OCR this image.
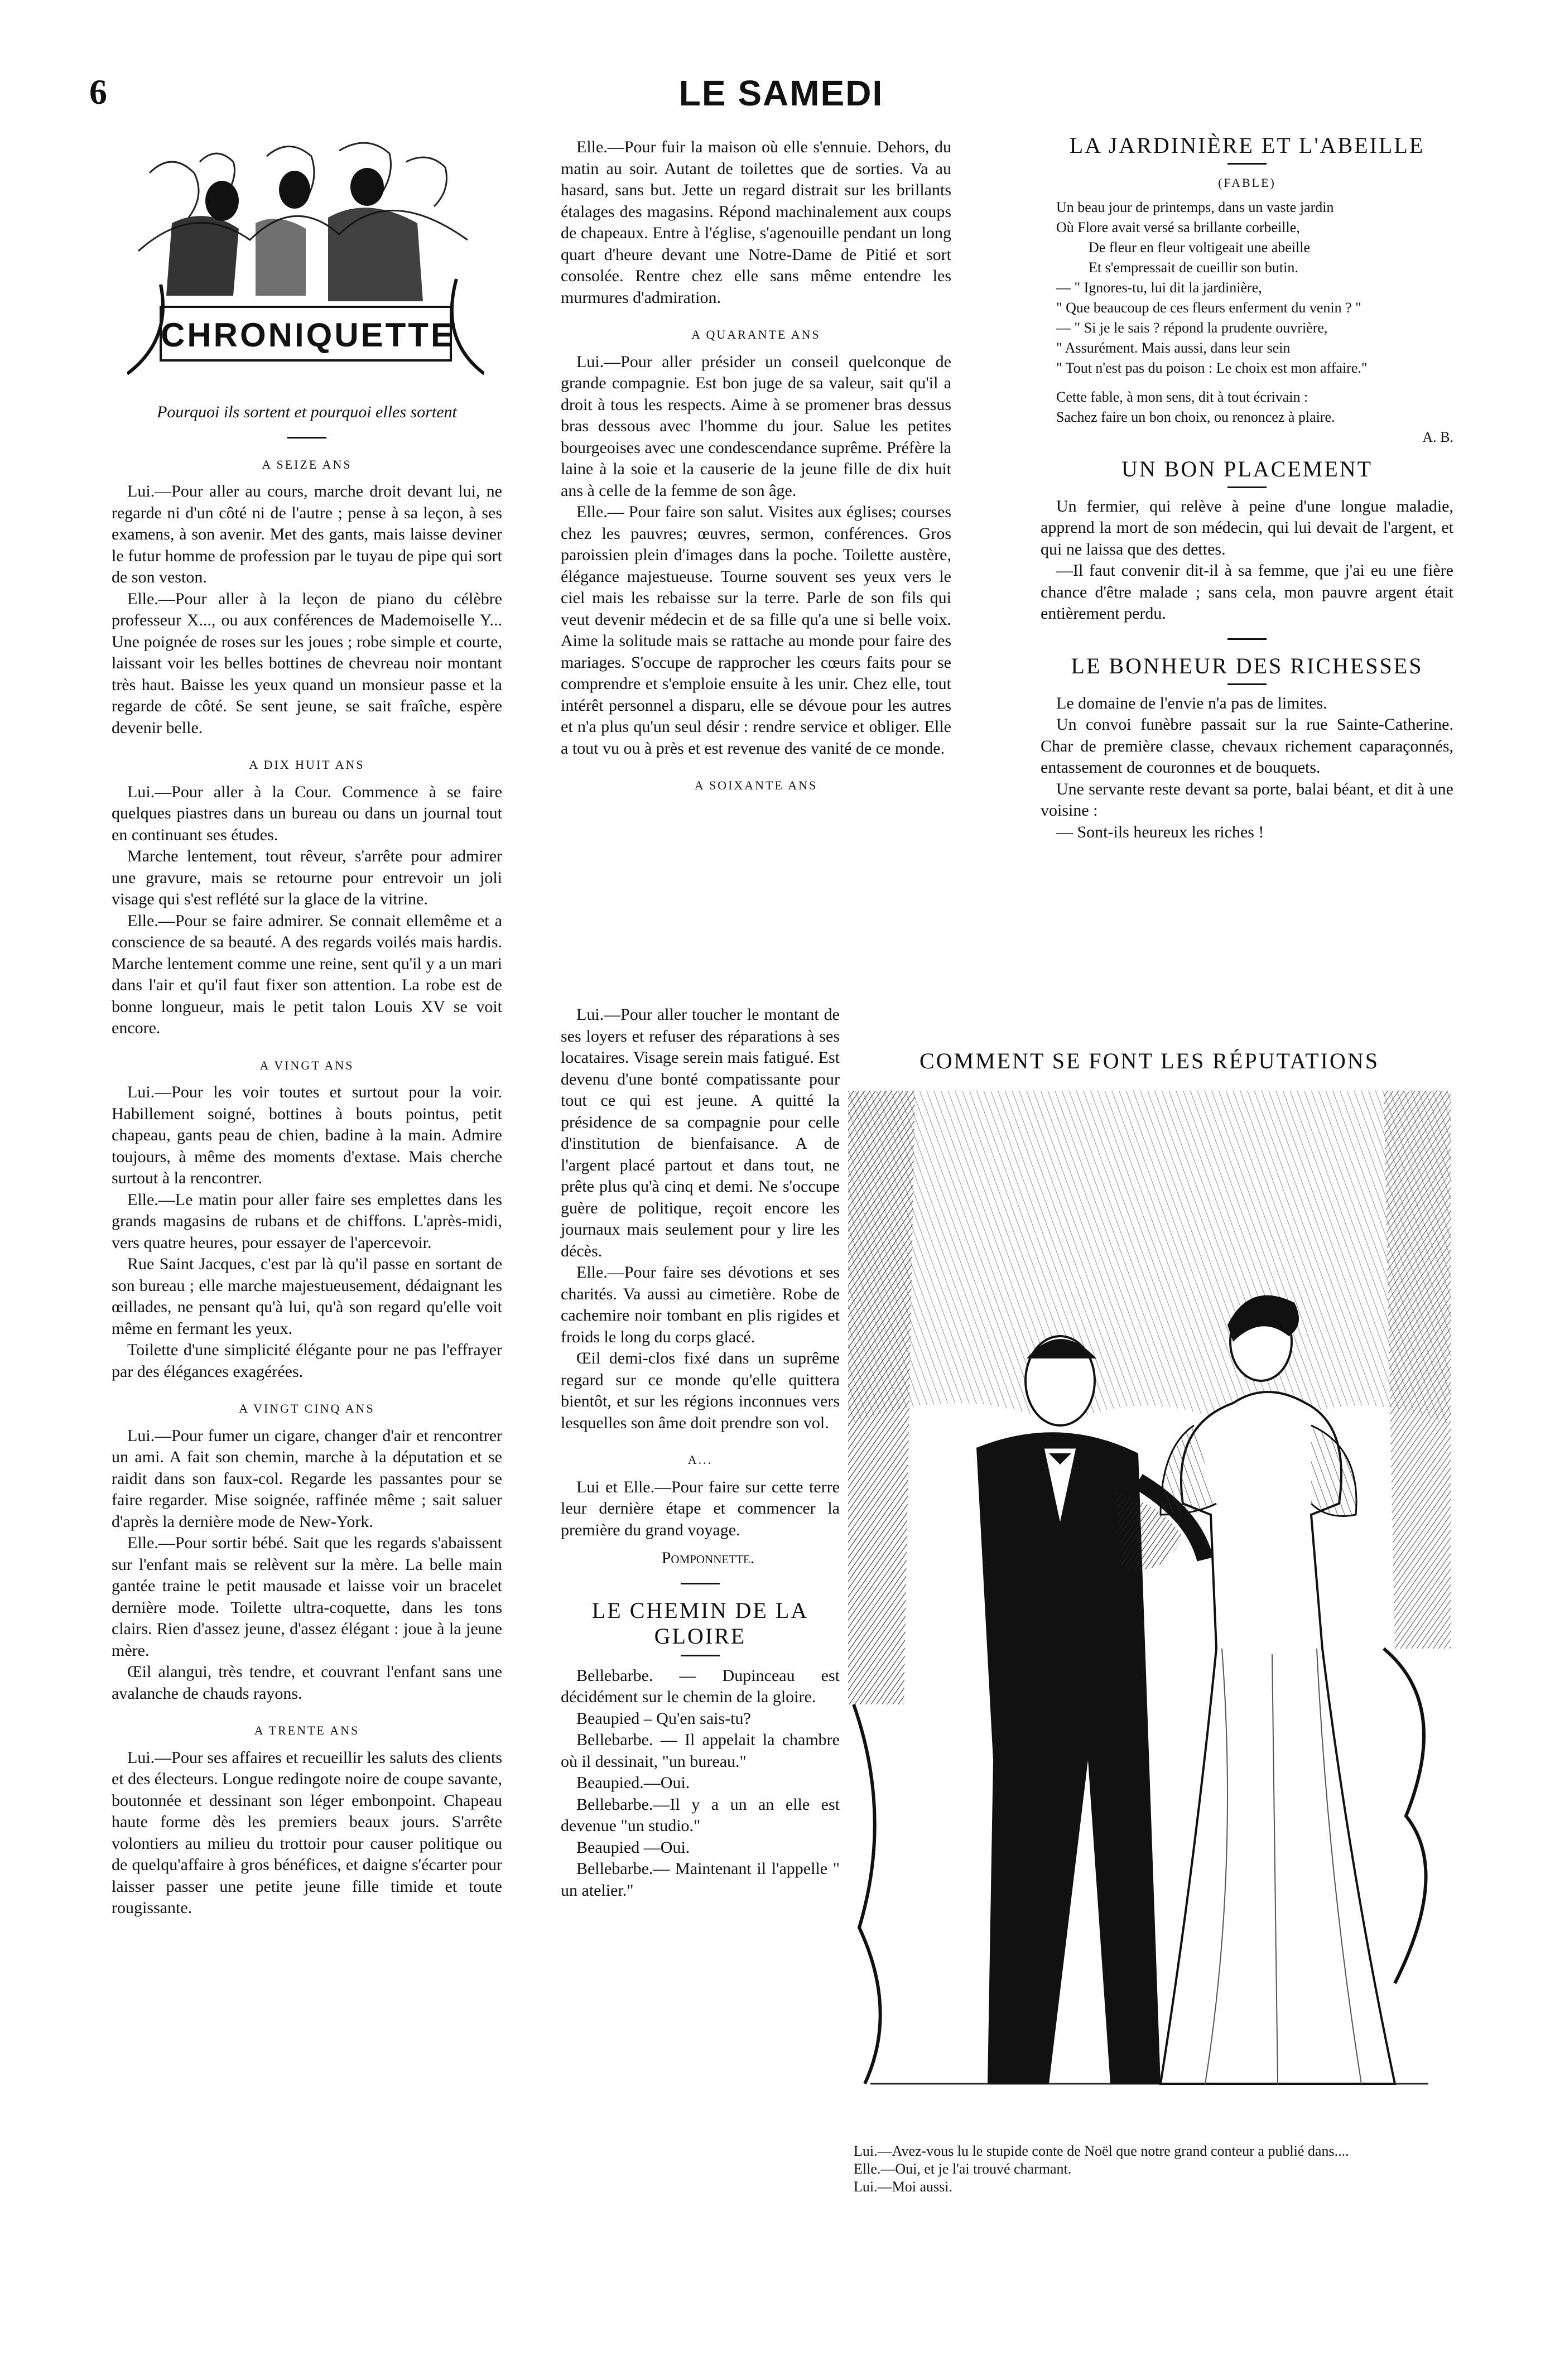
6	LE SAMEDI
CHRONIQUETTE
Pourquoi ils sortent et pourquoi elles sortent
A SEIZE ANS

Lui.—Pour aller au cours, marche droit devant lui, ne regarde ni d'un côté ni de l'autre ; pense à sa leçon, à ses examens, à son avenir. Met des gants, mais laisse deviner le futur homme de profession par le tuyau de pipe qui sort de son veston.

Elle.—Pour aller à la leçon de piano du célèbre professeur X..., ou aux conférences de Mademoiselle Y... Une poignée de roses sur les joues ; robe simple et courte, laissant voir les belles bottines de chevreau noir montant très haut. Baisse les yeux quand un monsieur passe et la regarde de côté. Se sent jeune, se sait fraîche, espère devenir belle.

A DIX HUIT ANS

Lui.—Pour aller à la Cour. Commence à se faire quelques piastres dans un bureau ou dans un journal tout en continuant ses études.

Marche lentement, tout rêveur, s'arrête pour admirer une gravure, mais se retourne pour entrevoir un joli visage qui s'est reflété sur la glace de la vitrine.

Elle.—Pour se faire admirer. Se connait ellemême et a conscience de sa beauté. A des regards voilés mais hardis. Marche lentement comme une reine, sent qu'il y a un mari dans l'air et qu'il faut fixer son attention. La robe est de bonne longueur, mais le petit talon Louis XV se voit encore.

A VINGT ANS

Lui.—Pour les voir toutes et surtout pour la voir. Habillement soigné, bottines à bouts pointus, petit chapeau, gants peau de chien, badine à la main. Admire toujours, à même des moments d'extase. Mais cherche surtout à la rencontrer.

Elle.—Le matin pour aller faire ses emplettes dans les grands magasins de rubans et de chiffons. L'après-midi, vers quatre heures, pour essayer de l'apercevoir.

Rue Saint Jacques, c'est par là qu'il passe en sortant de son bureau ; elle marche majestueusement, dédaignant les œillades, ne pensant qu'à lui, qu'à son regard qu'elle voit même en fermant les yeux.

Toilette d'une simplicité élégante pour ne pas l'effrayer par des élégances exagérées.

A VINGT CINQ ANS

Lui.—Pour fumer un cigare, changer d'air et rencontrer un ami. A fait son chemin, marche à la députation et se raidit dans son faux-col. Regarde les passantes pour se faire regarder. Mise soignée, raffinée même ; sait saluer d'après la dernière mode de New-York.

Elle.—Pour sortir bébé. Sait que les regards s'abaissent sur l'enfant mais se relèvent sur la mère. La belle main gantée traine le petit mausade et laisse voir un bracelet dernière mode. Toilette ultra-coquette, dans les tons clairs. Rien d'assez jeune, d'assez élégant : joue à la jeune mère.

Œil alangui, très tendre, et couvrant l'enfant sans une avalanche de chauds rayons.

A TRENTE ANS

Lui.—Pour ses affaires et recueillir les saluts des clients et des électeurs. Longue redingote noire de coupe savante, boutonnée et dessinant son léger embonpoint. Chapeau haute forme dès les premiers beaux jours. S'arrête volontiers au milieu du trottoir pour causer politique ou de quelqu'affaire à gros bénéfices, et daigne s'écarter pour laisser passer une petite jeune fille timide et toute rougissante.

Elle.—Pour fuir la maison où elle s'ennuie. Dehors, du matin au soir. Autant de toilettes que de sorties. Va au hasard, sans but. Jette un regard distrait sur les brillants étalages des magasins. Répond machinalement aux coups de chapeaux. Entre à l'église, s'agenouille pendant un long quart d'heure devant une Notre-Dame de Pitié et sort consolée. Rentre chez elle sans même entendre les murmures d'admiration.

A QUARANTE ANS

Lui.—Pour aller présider un conseil quelconque de grande compagnie. Est bon juge de sa valeur, sait qu'il a droit à tous les respects. Aime à se promener bras dessus bras dessous avec l'homme du jour. Salue les petites bourgeoises avec une condescendance suprême. Préfère la laine à la soie et la causerie de la jeune fille de dix huit ans à celle de la femme de son âge.

Elle.— Pour faire son salut. Visites aux églises; courses chez les pauvres; œuvres, sermon, conférences. Gros paroissien plein d'images dans la poche. Toilette austère, élégance majestueuse. Tourne souvent ses yeux vers le ciel mais les rebaisse sur la terre. Parle de son fils qui veut devenir médecin et de sa fille qu'a une si belle voix. Aime la solitude mais se rattache au monde pour faire des mariages. S'occupe de rapprocher les cœurs faits pour se comprendre et s'emploie ensuite à les unir. Chez elle, tout intérêt personnel a disparu, elle se dévoue pour les autres et n'a plus qu'un seul désir : rendre service et obliger. Elle a tout vu ou à près et est revenue des vanité de ce monde.

A SOIXANTE ANS

Lui.—Pour aller toucher le montant de ses loyers et refuser des réparations à ses locataires. Visage serein mais fatigué. Est devenu d'une bonté compatissante pour tout ce qui est jeune. A quitté la présidence de sa compagnie pour celle d'institution de bienfaisance. A de l'argent placé partout et dans tout, ne prête plus qu'à cinq et demi. Ne s'occupe guère de politique, reçoit encore les journaux mais seulement pour y lire les décès.

Elle.—Pour faire ses dévotions et ses charités. Va aussi au cimetière. Robe de cachemire noir tombant en plis rigides et froids le long du corps glacé.

Œil demi-clos fixé dans un suprême regard sur ce monde qu'elle quittera bientôt, et sur les régions inconnues vers lesquelles son âme doit prendre son vol.

A...

Lui et Elle.—Pour faire sur cette terre leur dernière étape et commencer la première du grand voyage.

Pomponnette.

LE CHEMIN DE LA GLOIRE

Bellebarbe. — Dupinceau est décidément sur le chemin de la gloire.

Beaupied – Qu'en sais-tu?

Bellebarbe. — Il appelait la chambre où il dessinait, "un bureau."

Beaupied.—Oui.

Bellebarbe.—Il y a un an elle est devenue "un studio."

Beaupied —Oui.

Bellebarbe.— Maintenant il l'appelle " un atelier."

LA JARDINIÈRE ET L'ABEILLE
(FABLE)

Un beau jour de printemps, dans un vaste jardin

Où Flore avait versé sa brillante corbeille,

De fleur en fleur voltigeait une abeille

Et s'empressait de cueillir son butin.

— " Ignores-tu, lui dit la jardinière,

" Que beaucoup de ces fleurs enferment du venin ? "

— " Si je le sais ? répond la prudente ouvrière,

" Assurément. Mais aussi, dans leur sein

" Tout n'est pas du poison : Le choix est mon affaire."

Cette fable, à mon sens, dit à tout écrivain :

Sachez faire un bon choix, ou renoncez à plaire.

A. B.

UN BON PLACEMENT

Un fermier, qui relève à peine d'une longue maladie, apprend la mort de son médecin, qui lui devait de l'argent, et qui ne laissa que des dettes.

—Il faut convenir dit-il à sa femme, que j'ai eu une fière chance d'être malade ; sans cela, mon pauvre argent était entièrement perdu.

LE BONHEUR DES RICHESSES

Le domaine de l'envie n'a pas de limites.

Un convoi funèbre passait sur la rue Sainte-Catherine. Char de première classe, chevaux richement caparaçonnés, entassement de couronnes et de bouquets.

Une servante reste devant sa porte, balai béant, et dit à une voisine :

— Sont-ils heureux les riches !

COMMENT SE FONT LES RÉPUTATIONS

Lui.—Avez-vous lu le stupide conte de Noël que notre grand conteur a publié dans....

Elle.—Oui, et je l'ai trouvé charmant.

Lui.—Moi aussi.
